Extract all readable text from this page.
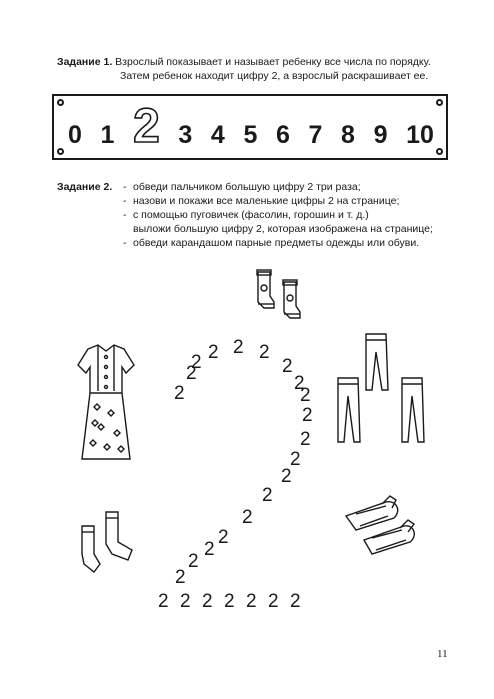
Задание 1. Взрослый показывает и называет ребенку все числа по порядку.
Затем ребенок находит цифру 2, а взрослый раскрашивает ее.
0 1 2 3 4 5 6 7 8 9 10
Задание 2. - обведи пальчиком большую цифру 2 три раза;
- назови и покажи все маленькие цифры 2 на странице;
- с помощью пуговичек (фасолин, горошин и т. д.)
выложи большую цифру 2, которая изображена на странице;
- обведи карандашом парные предметы одежды или обуви.
2
2 2
2	2
2	2
2	2
2
2
2
2
2
2
2
2
2
2
2 2 2 2 2 2 2
11
